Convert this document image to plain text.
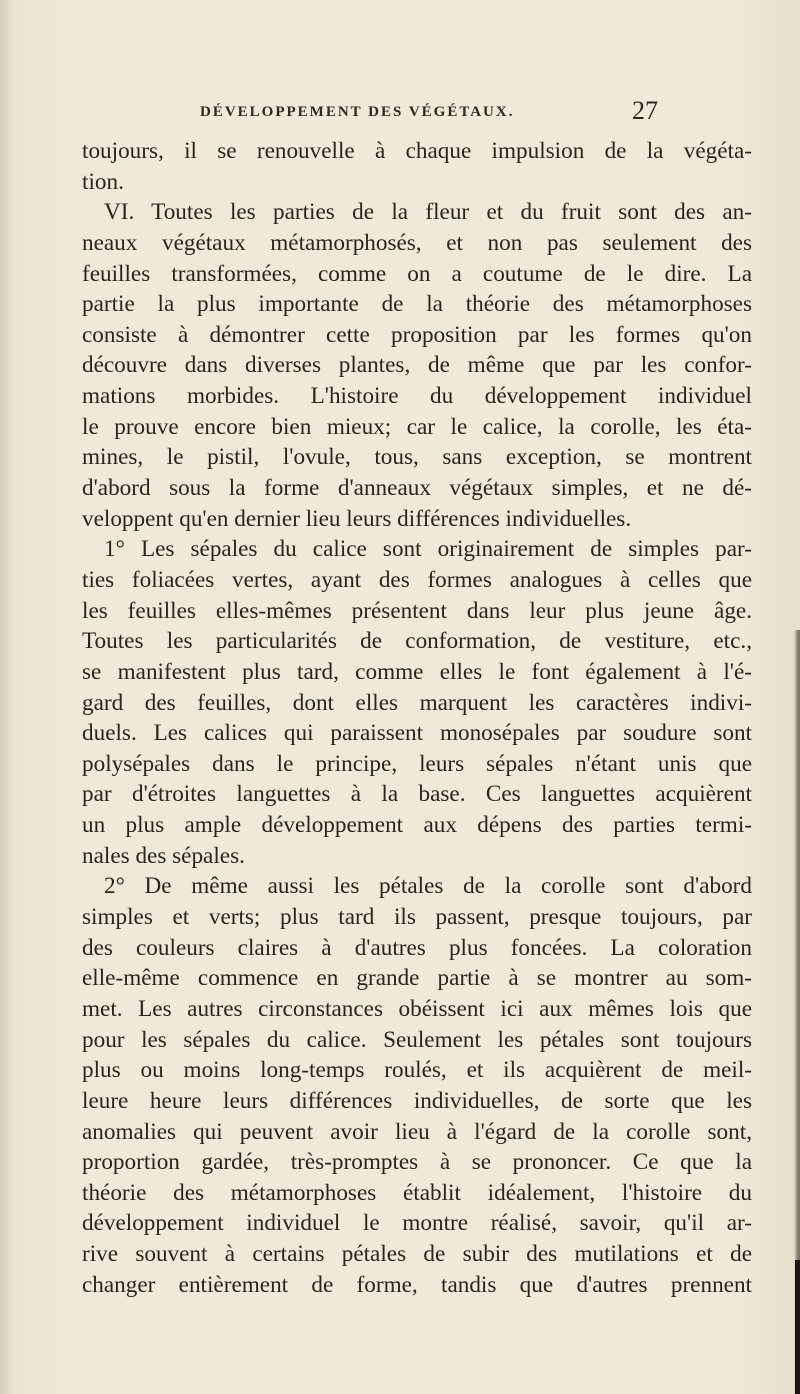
DÉVELOPPEMENT DES VÉGÉTAUX.	27
toujours, il se renouvelle à chaque impulsion de la végéta-
tion.
VI. Toutes les parties de la fleur et du fruit sont des an-
neaux végétaux métamorphosés, et non pas seulement des
feuilles transformées, comme on a coutume de le dire. La
partie la plus importante de la théorie des métamorphoses
consiste à démontrer cette proposition par les formes qu'on
découvre dans diverses plantes, de même que par les confor-
mations morbides. L'histoire du développement individuel
le prouve encore bien mieux; car le calice, la corolle, les éta-
mines, le pistil, l'ovule, tous, sans exception, se montrent
d'abord sous la forme d'anneaux végétaux simples, et ne dé-
veloppent qu'en dernier lieu leurs différences individuelles.
1° Les sépales du calice sont originairement de simples par-
ties foliacées vertes, ayant des formes analogues à celles que
les feuilles elles-mêmes présentent dans leur plus jeune âge.
Toutes les particularités de conformation, de vestiture, etc.,
se manifestent plus tard, comme elles le font également à l'é-
gard des feuilles, dont elles marquent les caractères indivi-
duels. Les calices qui paraissent monosépales par soudure sont
polysépales dans le principe, leurs sépales n'étant unis que
par d'étroites languettes à la base. Ces languettes acquièrent
un plus ample développement aux dépens des parties termi-
nales des sépales.
2° De même aussi les pétales de la corolle sont d'abord
simples et verts; plus tard ils passent, presque toujours, par
des couleurs claires à d'autres plus foncées. La coloration
elle-même commence en grande partie à se montrer au som-
met. Les autres circonstances obéissent ici aux mêmes lois que
pour les sépales du calice. Seulement les pétales sont toujours
plus ou moins long-temps roulés, et ils acquièrent de meil-
leure heure leurs différences individuelles, de sorte que les
anomalies qui peuvent avoir lieu à l'égard de la corolle sont,
proportion gardée, très-promptes à se prononcer. Ce que la
théorie des métamorphoses établit idéalement, l'histoire du
développement individuel le montre réalisé, savoir, qu'il ar-
rive souvent à certains pétales de subir des mutilations et de
changer entièrement de forme, tandis que d'autres prennent
